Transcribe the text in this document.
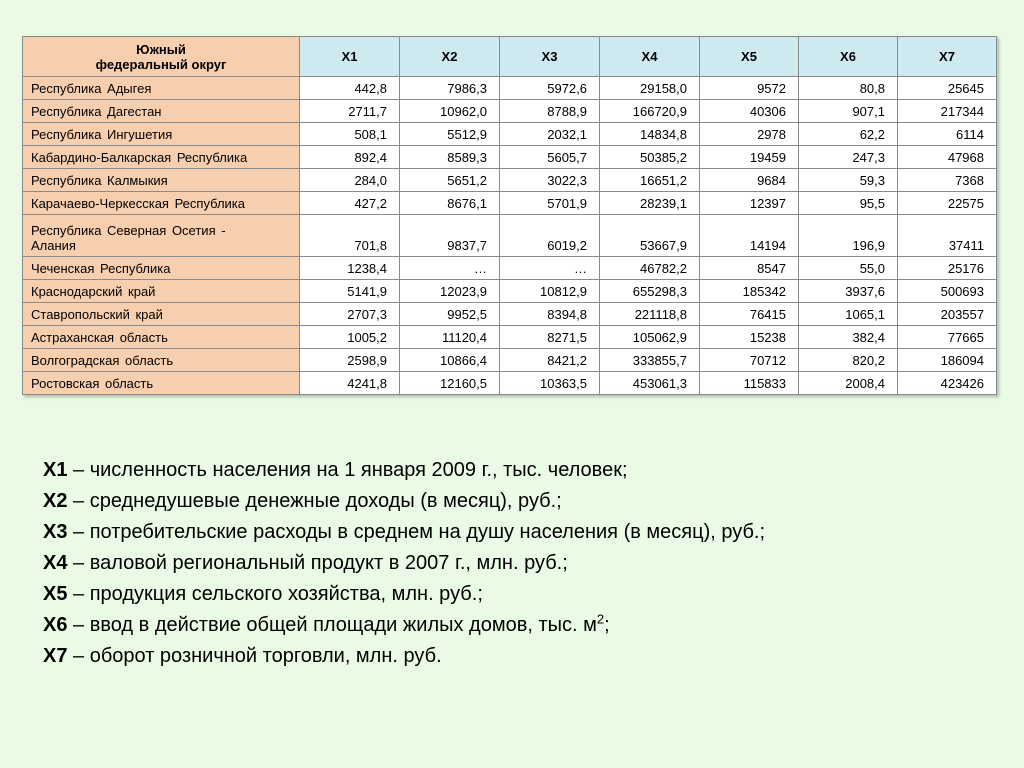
Южный
федеральный округ	X1	X2	X3	X4	X5	X6	X7
Республика Адыгея	442,8	7986,3	5972,6	29158,0	9572	80,8	25645
Республика Дагестан	2711,7	10962,0	8788,9	166720,9	40306	907,1	217344
Республика Ингушетия	508,1	5512,9	2032,1	14834,8	2978	62,2	6114
Кабардино-Балкарская Республика	892,4	8589,3	5605,7	50385,2	19459	247,3	47968
Республика Калмыкия	284,0	5651,2	3022,3	16651,2	9684	59,3	7368
Карачаево-Черкесская Республика	427,2	8676,1	5701,9	28239,1	12397	95,5	22575
Республика Северная Осетия -
Алания	701,8	9837,7	6019,2	53667,9	14194	196,9	37411
Чеченская Республика	1238,4	…	…	46782,2	8547	55,0	25176
Краснодарский край	5141,9	12023,9	10812,9	655298,3	185342	3937,6	500693
Ставропольский край	2707,3	9952,5	8394,8	221118,8	76415	1065,1	203557
Астраханская область	1005,2	11120,4	8271,5	105062,9	15238	382,4	77665
Волгоградская область	2598,9	10866,4	8421,2	333855,7	70712	820,2	186094
Ростовская область	4241,8	12160,5	10363,5	453061,3	115833	2008,4	423426
X1 – численность населения на 1 января 2009 г., тыс. человек;
X2 – среднедушевые денежные доходы (в месяц), руб.;
X3 – потребительские расходы в среднем на душу населения (в месяц), руб.;
X4 – валовой региональный продукт в 2007 г., млн. руб.;
X5 – продукция сельского хозяйства, млн. руб.;
X6 – ввод в действие общей площади жилых домов, тыс. $м^2$;
X7 – оборот розничной торговли, млн. руб.
